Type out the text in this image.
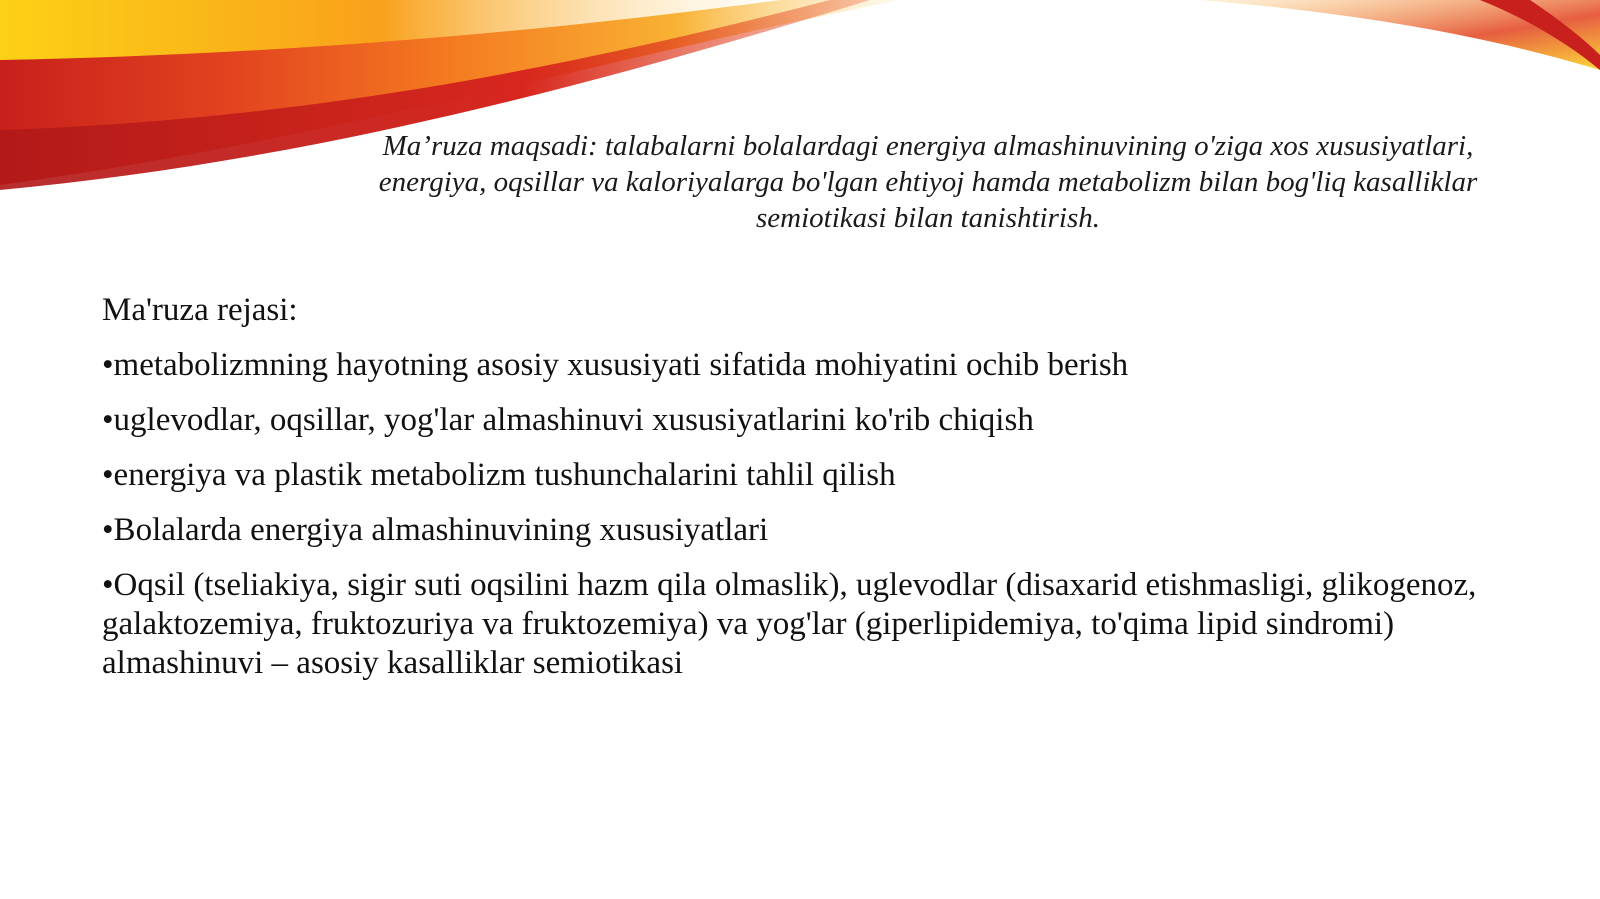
Ma’ruza maqsadi: talabalarni bolalardagi energiya almashinuvining o'ziga xos xususiyatlari, energiya, oqsillar va kaloriyalarga bo'lgan ehtiyoj hamda metabolizm bilan bog'liq kasalliklar semiotikasi bilan tanishtirish.
Ma'ruza rejasi:
•metabolizmning hayotning asosiy xususiyati sifatida mohiyatini ochib berish
•uglevodlar, oqsillar, yog'lar almashinuvi xususiyatlarini ko'rib chiqish
•energiya va plastik metabolizm tushunchalarini tahlil qilish
•Bolalarda energiya almashinuvining xususiyatlari
•Oqsil (tseliakiya, sigir suti oqsilini hazm qila olmaslik), uglevodlar (disaxarid etishmasligi, glikogenoz, galaktozemiya, fruktozuriya va fruktozemiya) va yog'lar (giperlipidemiya, to'qima lipid sindromi) almashinuvi – asosiy kasalliklar semiotikasi
